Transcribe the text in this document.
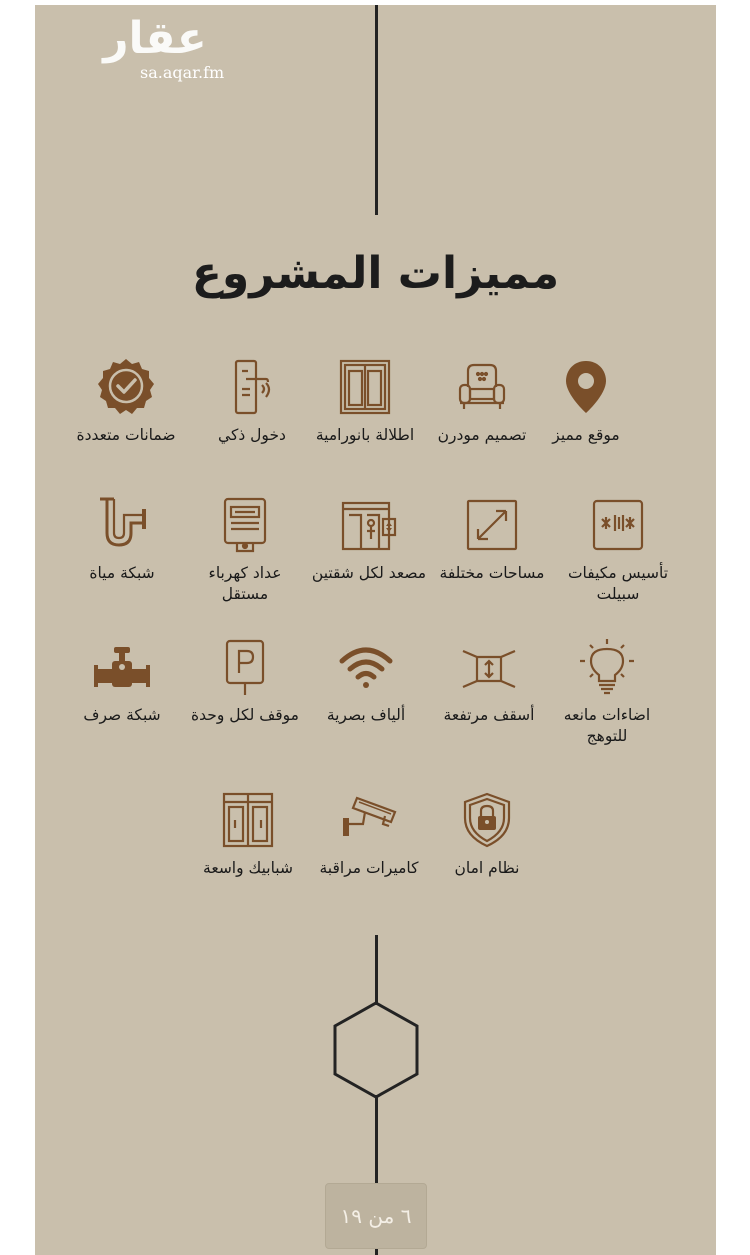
عقار
sa.aqar.fm
مميزات المشروع
موقع مميز
تصميم مودرن
اطلالة بانورامية
دخول ذكي
ضمانات متعددة
تأسيس مكيفات سبيلت
مساحات مختلفة
مصعد لكل شقتين
عداد كهرباء مستقل
شبكة مياة
اضاءات مانعه للتوهج
أسقف مرتفعة
ألياف بصرية
موقف لكل وحدة
شبكة صرف
نظام امان
كاميرات مراقبة
شبابيك واسعة
٦ من ١٩
